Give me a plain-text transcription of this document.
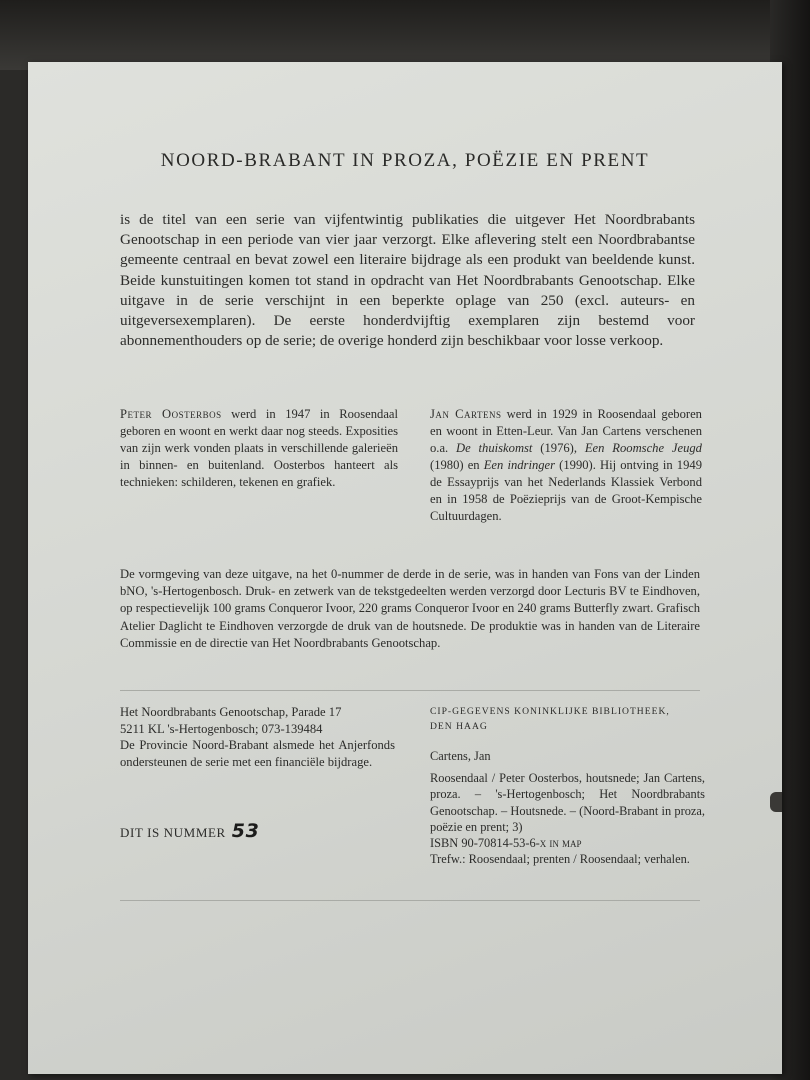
NOORD-BRABANT IN PROZA, POËZIE EN PRENT
is de titel van een serie van vijfentwintig publikaties die uitgever Het Noordbrabants Genootschap in een periode van vier jaar verzorgt. Elke aflevering stelt een Noordbrabantse gemeente centraal en bevat zowel een literaire bijdrage als een produkt van beeldende kunst. Beide kunstuitingen komen tot stand in opdracht van Het Noordbrabants Genootschap. Elke uitgave in de serie verschijnt in een beperkte oplage van 250 (excl. auteurs- en uitgeversexemplaren). De eerste honderdvijftig exemplaren zijn bestemd voor abonnementhouders op de serie; de overige honderd zijn beschikbaar voor losse verkoop.
Peter Oosterbos werd in 1947 in Roosendaal geboren en woont en werkt daar nog steeds. Exposities van zijn werk vonden plaats in verschillende galerieën in binnen- en buitenland. Oosterbos hanteert als technieken: schilderen, tekenen en grafiek.
Jan Cartens werd in 1929 in Roosendaal geboren en woont in Etten-Leur. Van Jan Cartens verschenen o.a. De thuiskomst (1976), Een Roomsche Jeugd (1980) en Een indringer (1990). Hij ontving in 1949 de Essayprijs van het Nederlands Klassiek Verbond en in 1958 de Poëzieprijs van de Groot-Kempische Cultuurdagen.
De vormgeving van deze uitgave, na het 0-nummer de derde in de serie, was in handen van Fons van der Linden bNO, 's-Hertogenbosch. Druk- en zetwerk van de tekstgedeelten werden verzorgd door Lecturis BV te Eindhoven, op respectievelijk 100 grams Conqueror Ivoor, 220 grams Conqueror Ivoor en 240 grams Butterfly zwart. Grafisch Atelier Daglicht te Eindhoven verzorgde de druk van de houtsnede. De produktie was in handen van de Literaire Commissie en de directie van Het Noordbrabants Genootschap.
Het Noordbrabants Genootschap, Parade 17
5211 KL 's-Hertogenbosch; 073-139484
De Provincie Noord-Brabant alsmede het Anjerfonds ondersteunen de serie met een financiële bijdrage.
DIT IS NUMMER 53
CIP-GEGEVENS KONINKLIJKE BIBLIOTHEEK,
DEN HAAG
Cartens, Jan
Roosendaal / Peter Oosterbos, houtsnede; Jan Cartens, proza. – 's-Hertogenbosch; Het Noordbrabants Genootschap. – Houtsnede. – (Noord-Brabant in proza, poëzie en prent; 3)
ISBN 90-70814-53-6-x in map
Trefw.: Roosendaal; prenten / Roosendaal; verhalen.
